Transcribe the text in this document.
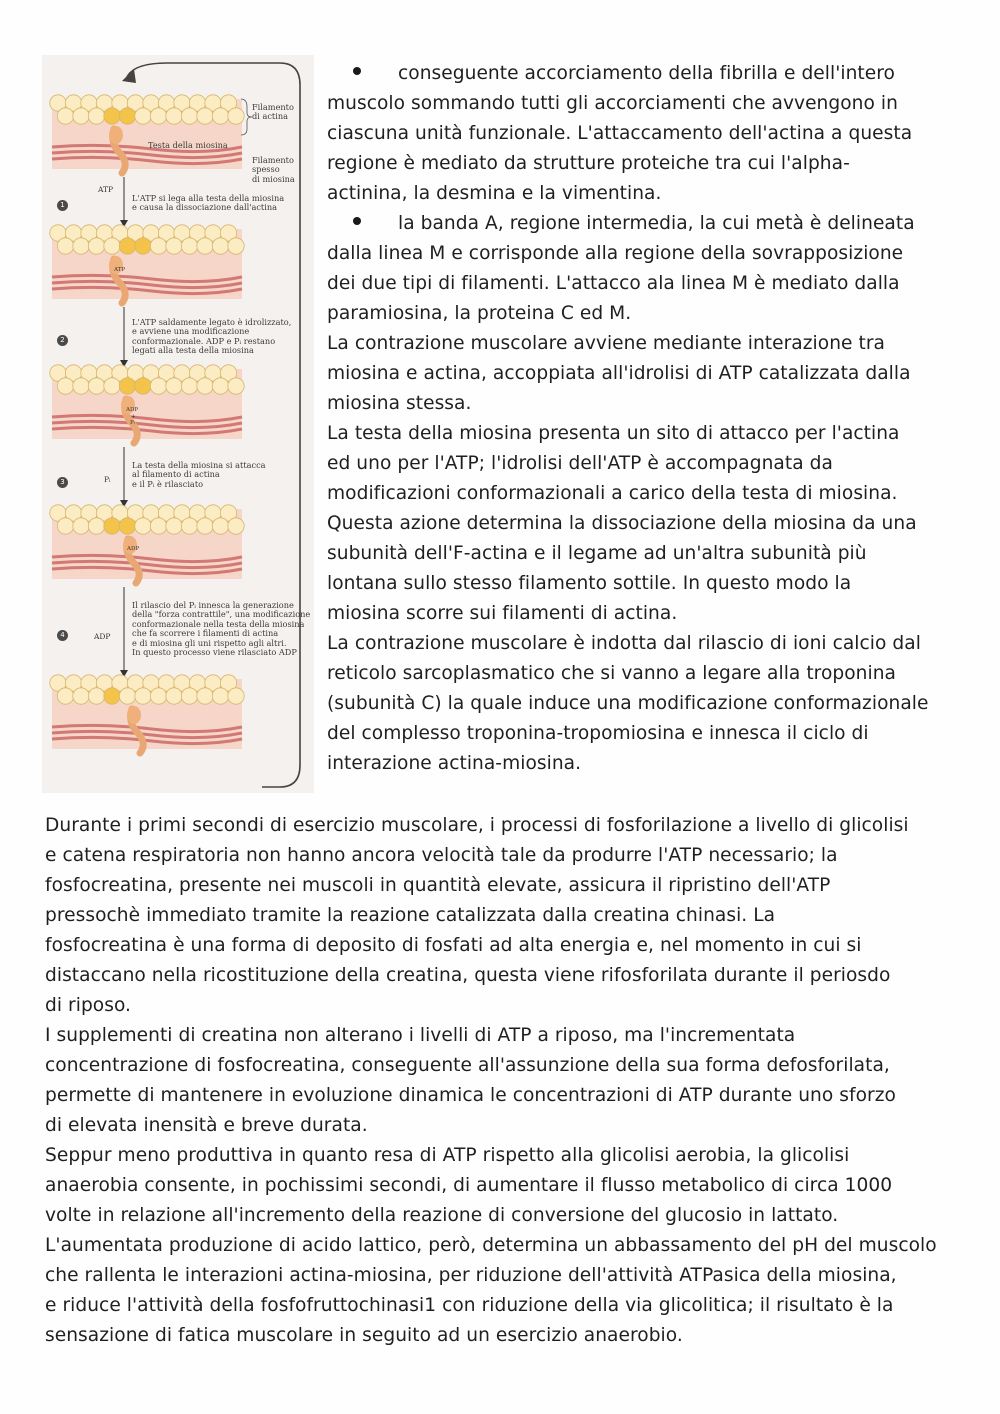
Filamento
di actina
Testa della miosina
Filamento
spesso
di miosina
1
ATP
L'ATP si lega alla testa della miosina
e causa la dissociazione dall'actina
2
L'ATP saldamente legato è idrolizzato,
e avviene una modificazione
conformazionale. ADP e Pᵢ restano
legati alla testa della miosina
3	Pᵢ
La testa della miosina si attacca
al filamento di actina
e il Pᵢ è rilasciato
4	ADP
Il rilascio del Pᵢ innesca la generazione
della "forza contrattile", una modificazione
conformazionale nella testa della miosina
che fa scorrere i filamenti di actina
e di miosina gli uni rispetto agli altri.
In questo processo viene rilasciato ADP
ATP
ADP
+
Pᵢ
ADP

conseguente accorciamento della fibrilla e dell'intero

muscolo sommando tutti gli accorciamenti che avvengono in

ciascuna unità funzionale. L'attaccamento dell'actina a questa

regione è mediato da strutture proteiche tra cui l'alpha-

actinina, la desmina e la vimentina.

la banda A, regione intermedia, la cui metà è delineata

dalla linea M e corrisponde alla regione della sovrapposizione

dei due tipi di filamenti. L'attacco ala linea M è mediato dalla

paramiosina, la proteina C ed M.

La contrazione muscolare avviene mediante interazione tra

miosina e actina, accoppiata all'idrolisi di ATP catalizzata dalla

miosina stessa.

La testa della miosina presenta un sito di attacco per l'actina

ed uno per l'ATP; l'idrolisi dell'ATP è accompagnata da

modificazioni conformazionali a carico della testa di miosina.

Questa azione determina la dissociazione della miosina da una

subunità dell'F-actina e il legame ad un'altra subunità più

lontana sullo stesso filamento sottile. In questo modo la

miosina scorre sui filamenti di actina.

La contrazione muscolare è indotta dal rilascio di ioni calcio dal

reticolo sarcoplasmatico che si vanno a legare alla troponina

(subunità C) la quale induce una modificazione conformazionale

del complesso troponina-tropomiosina e innesca il ciclo di

interazione actina-miosina.

Durante i primi secondi di esercizio muscolare, i processi di fosforilazione a livello di glicolisi

e catena respiratoria non hanno ancora velocità tale da produrre l'ATP necessario; la

fosfocreatina, presente nei muscoli in quantità elevate, assicura il ripristino dell'ATP

pressochè immediato tramite la reazione catalizzata dalla creatina chinasi. La

fosfocreatina è una forma di deposito di fosfati ad alta energia e, nel momento in cui si

distaccano nella ricostituzione della creatina, questa viene rifosforilata durante il periosdo

di riposo.

I supplementi di creatina non alterano i livelli di ATP a riposo, ma l'incrementata

concentrazione di fosfocreatina, conseguente all'assunzione della sua forma defosforilata,

permette di mantenere in evoluzione dinamica le concentrazioni di ATP durante uno sforzo

di elevata inensità e breve durata.

Seppur meno produttiva in quanto resa di ATP rispetto alla glicolisi aerobia, la glicolisi

anaerobia consente, in pochissimi secondi, di aumentare il flusso metabolico di circa 1000

volte in relazione all'incremento della reazione di conversione del glucosio in lattato.

L'aumentata produzione di acido lattico, però, determina un abbassamento del pH del muscolo

che rallenta le interazioni actina-miosina, per riduzione dell'attività ATPasica della miosina,

e riduce l'attività della fosfofruttochinasi1 con riduzione della via glicolitica; il risultato è la

sensazione di fatica muscolare in seguito ad un esercizio anaerobio.
